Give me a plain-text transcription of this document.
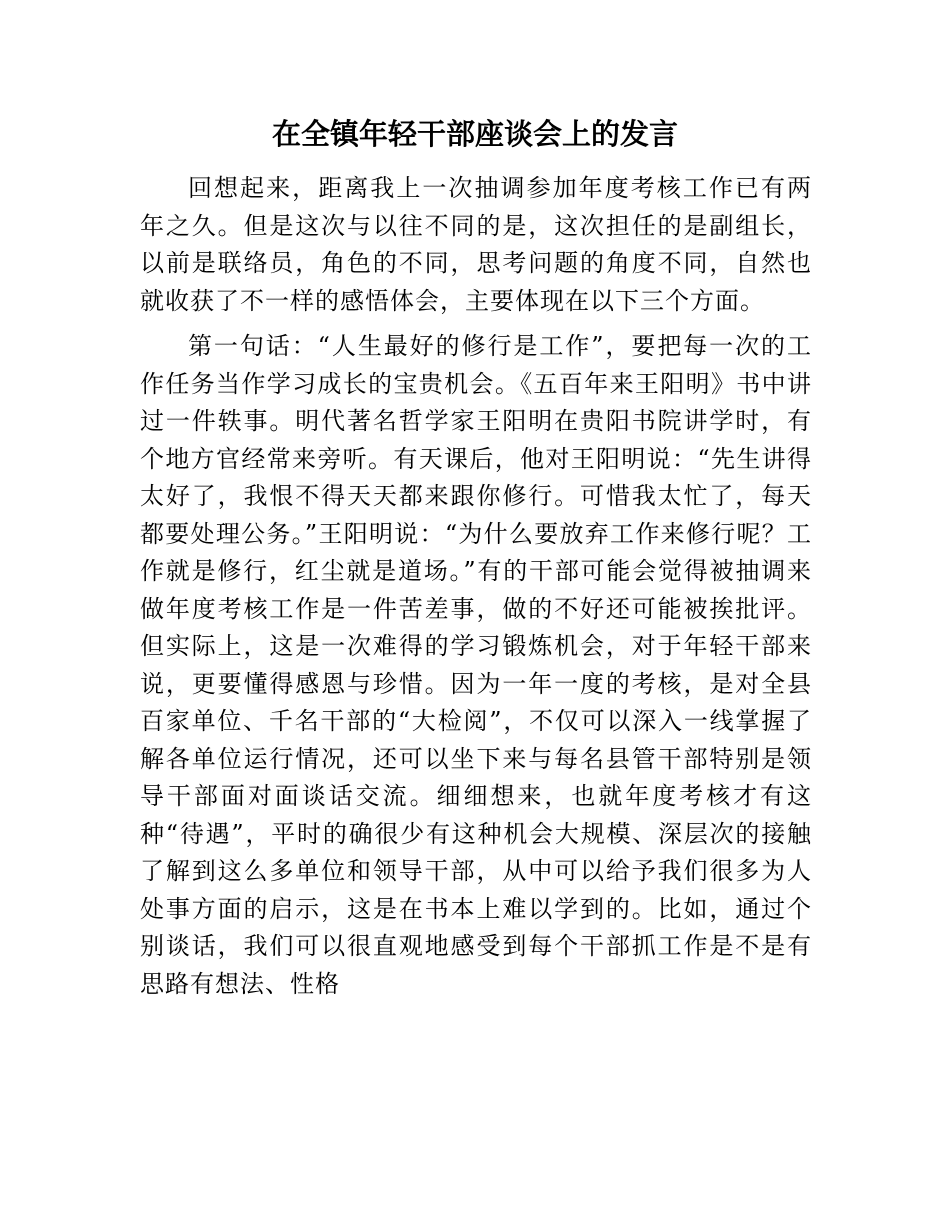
在全镇年轻干部座谈会上的发言

回想起来，距离我上一次抽调参加年度考核工作已有两年之久。但是这次与以往不同的是，这次担任的是副组长，以前是联络员，角色的不同，思考问题的角度不同，自然也就收获了不一样的感悟体会，主要体现在以下三个方面。

第一句话：“人生最好的修行是工作”，要把每一次的工作任务当作学习成长的宝贵机会。《五百年来王阳明》书中讲过一件轶事。明代著名哲学家王阳明在贵阳书院讲学时，有个地方官经常来旁听。有天课后，他对王阳明说：“先生讲得太好了，我恨不得天天都来跟你修行。可惜我太忙了，每天都要处理公务。”王阳明说：“为什么要放弃工作来修行呢？工作就是修行，红尘就是道场。”有的干部可能会觉得被抽调来做年度考核工作是一件苦差事，做的不好还可能被挨批评。但实际上，这是一次难得的学习锻炼机会，对于年轻干部来说，更要懂得感恩与珍惜。因为一年一度的考核，是对全县百家单位、千名干部的“大检阅”，不仅可以深入一线掌握了解各单位运行情况，还可以坐下来与每名县管干部特别是领导干部面对面谈话交流。细细想来，也就年度考核才有这种“待遇”，平时的确很少有这种机会大规模、深层次的接触了解到这么多单位和领导干部，从中可以给予我们很多为人处事方面的启示，这是在书本上难以学到的。比如，通过个别谈话，我们可以很直观地感受到每个干部抓工作是不是有思路有想法、性格
